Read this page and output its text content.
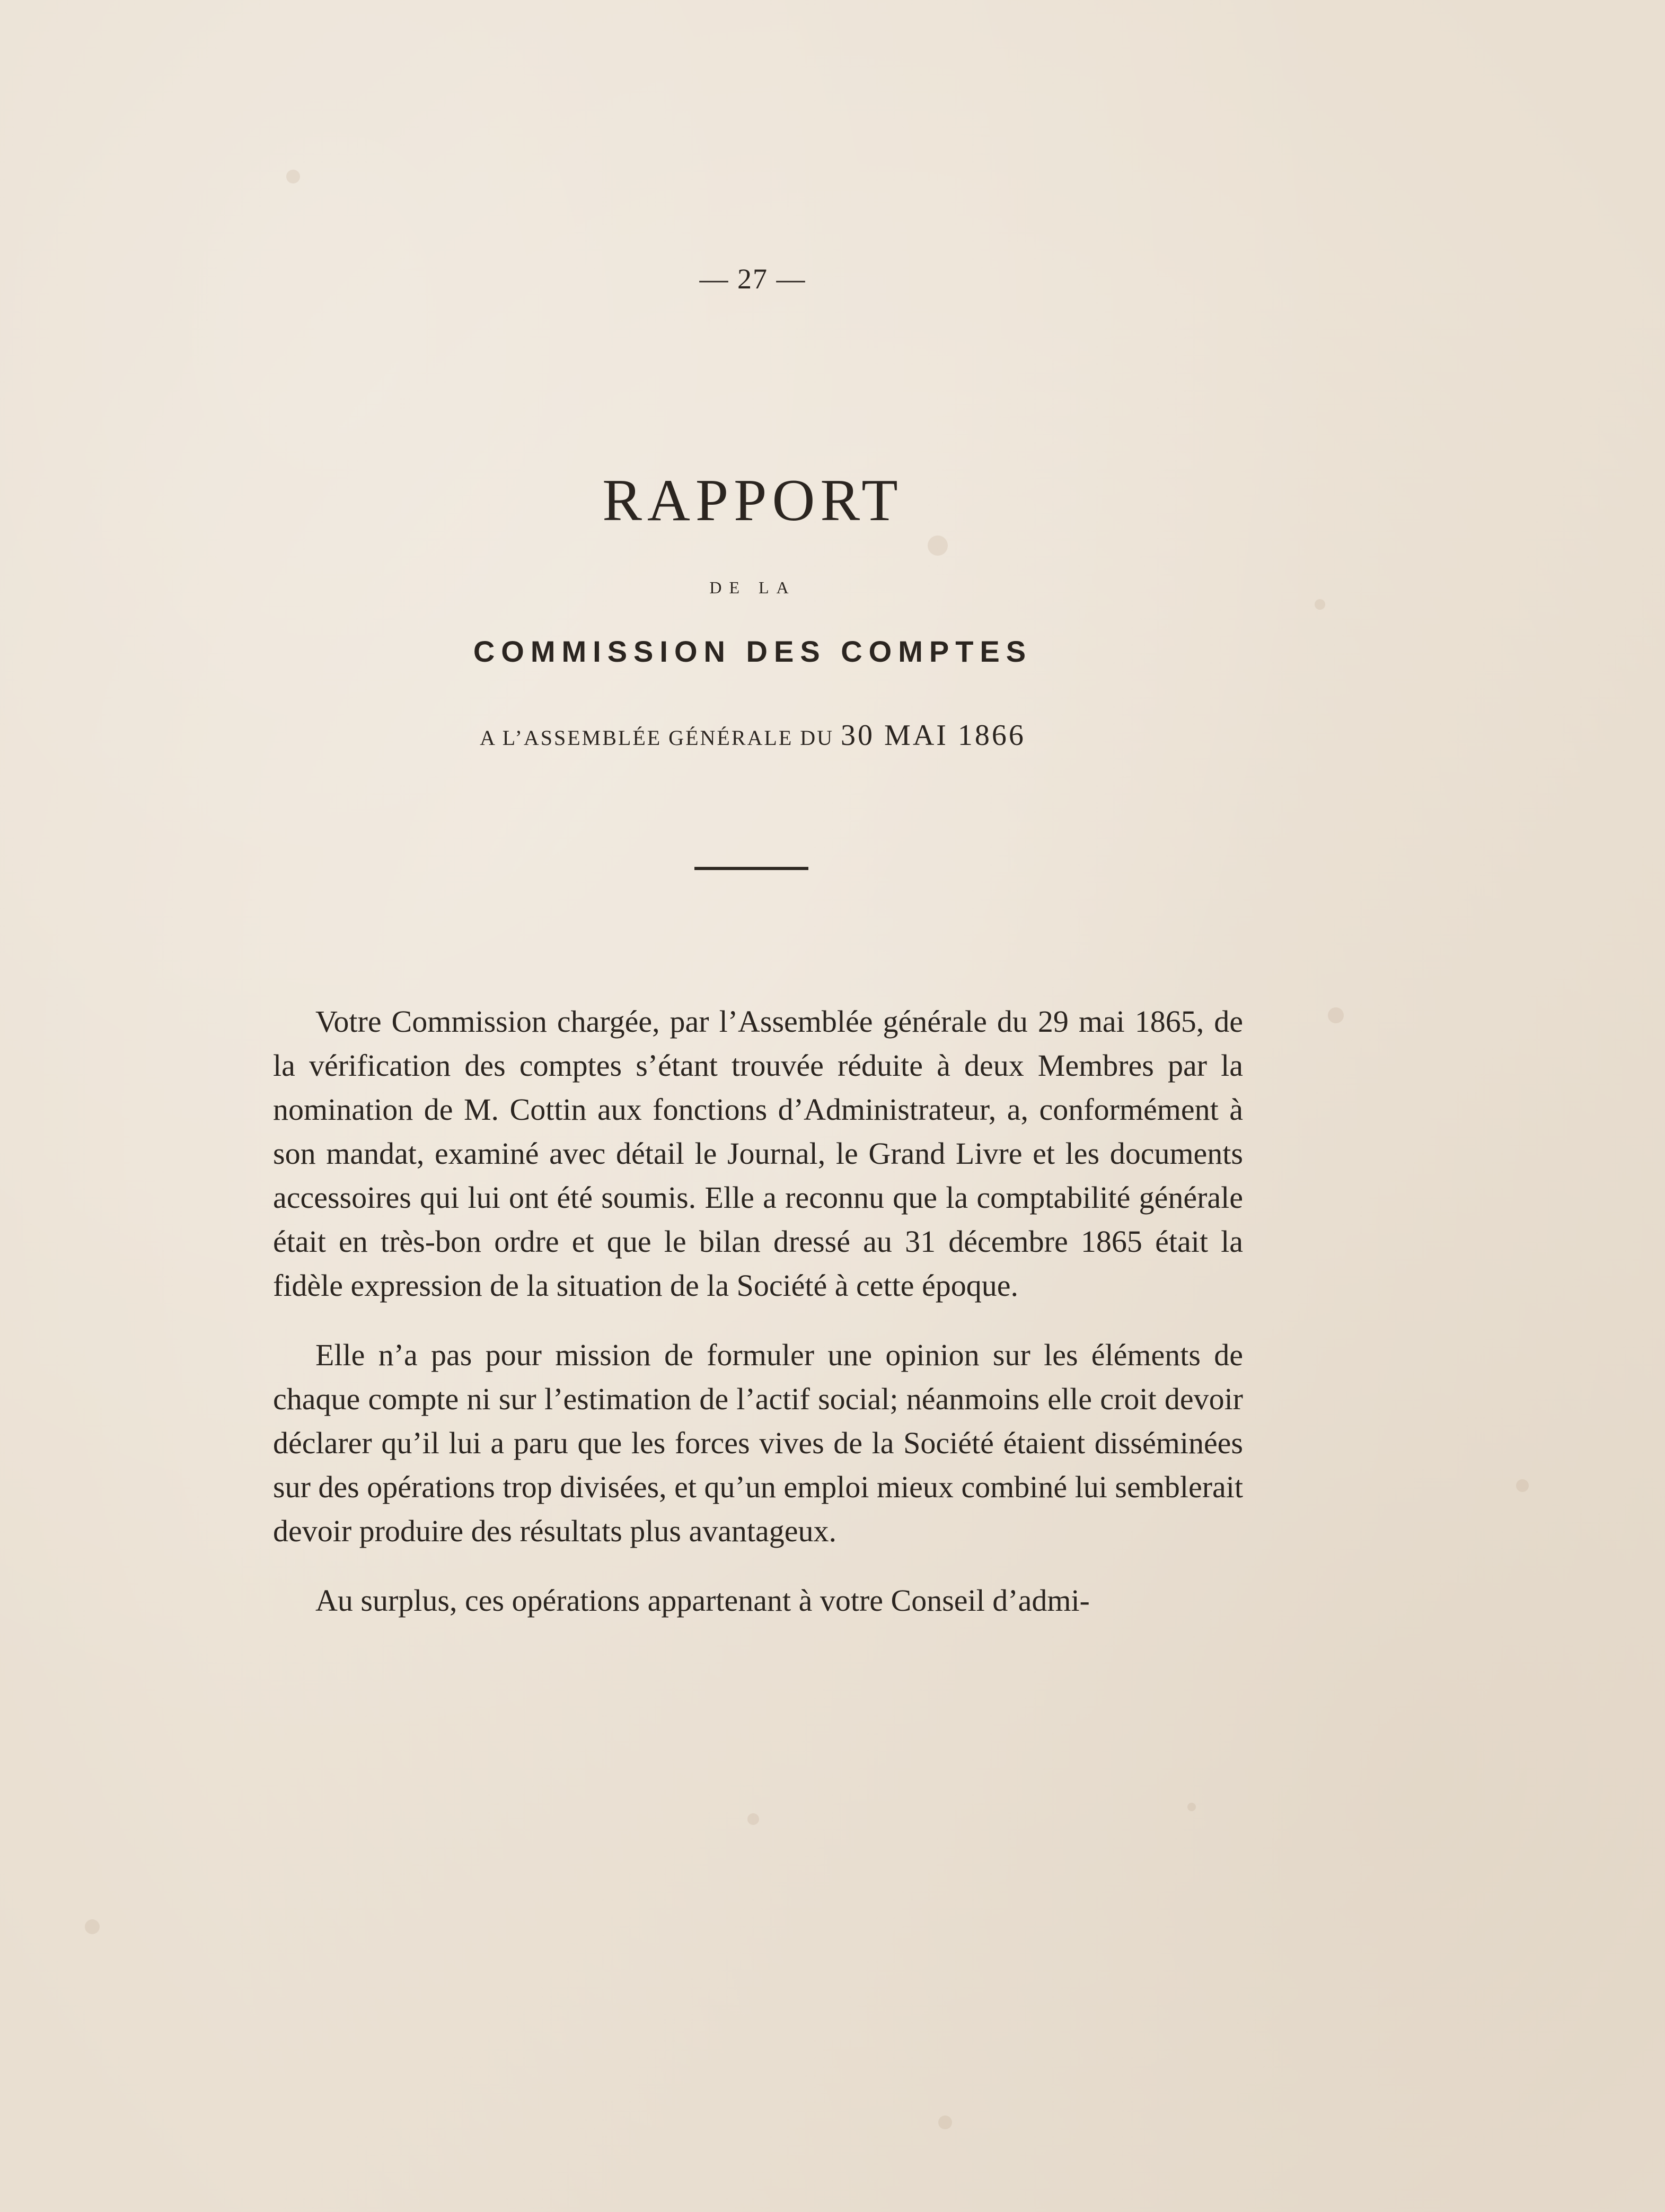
— 27 —
RAPPORT
DE LA
COMMISSION DES COMPTES
A L’ASSEMBLÉE GÉNÉRALE DU 30 MAI 1866

Votre Commission chargée, par l’Assemblée générale du 29 mai 1865, de la vérification des comptes s’étant trouvée réduite à deux Membres par la nomination de M. Cottin aux fonctions d’Administrateur, a, conformément à son mandat, examiné avec détail le Journal, le Grand Livre et les documents accessoires qui lui ont été soumis. Elle a reconnu que la comptabilité générale était en très-bon ordre et que le bilan dressé au 31 décembre 1865 était la fidèle expression de la situation de la Société à cette époque.

Elle n’a pas pour mission de formuler une opinion sur les éléments de chaque compte ni sur l’estimation de l’actif social; néanmoins elle croit devoir déclarer qu’il lui a paru que les forces vives de la Société étaient disséminées sur des opérations trop divisées, et qu’un emploi mieux combiné lui semblerait devoir produire des résultats plus avantageux.

Au surplus, ces opérations appartenant à votre Conseil d’admi-
